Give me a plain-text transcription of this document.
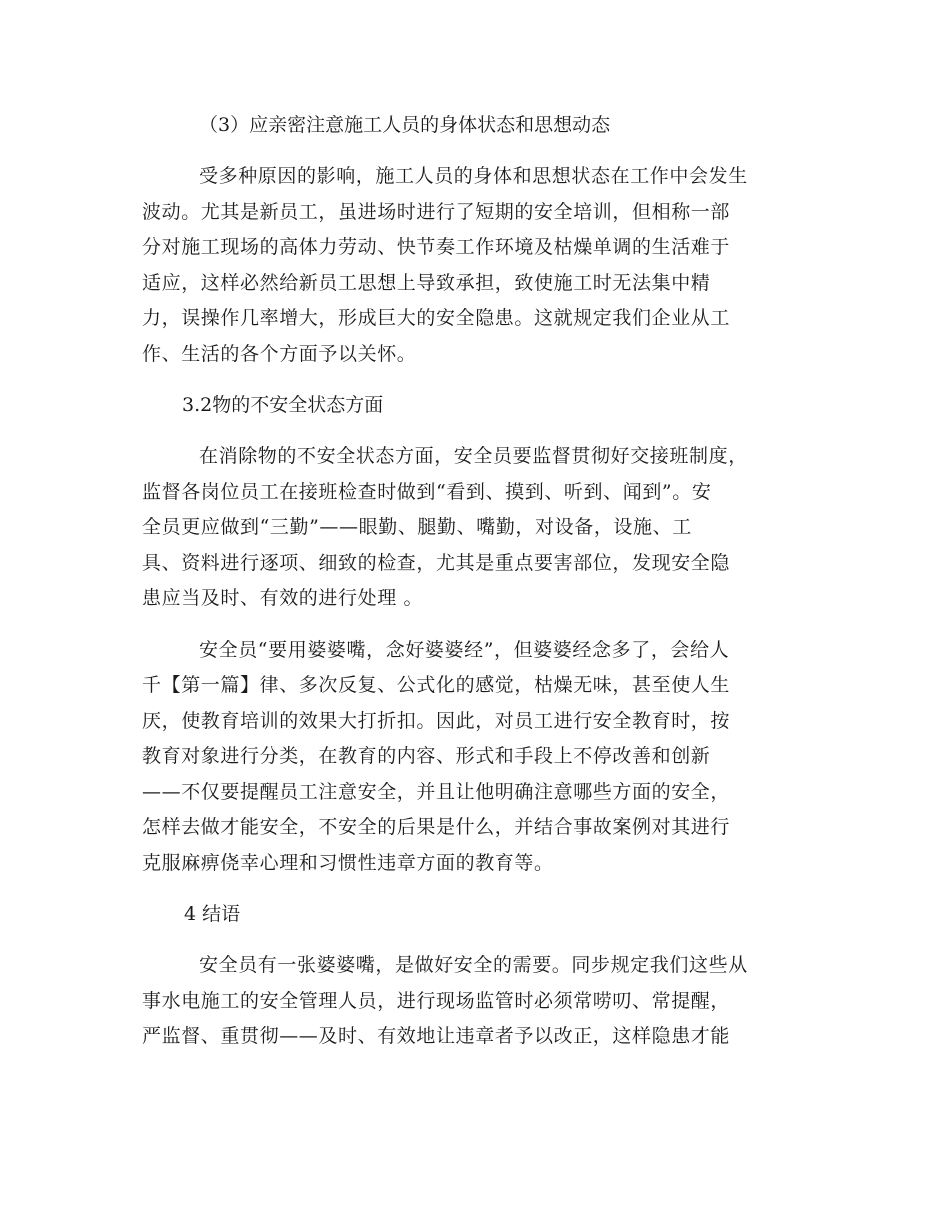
（3）应亲密注意施工人员的身体状态和思想动态
受多种原因的影响，施工人员的身体和思想状态在工作中会发生
波动。尤其是新员工，虽进场时进行了短期的安全培训，但相称一部
分对施工现场的高体力劳动、快节奏工作环境及枯燥单调的生活难于
适应，这样必然给新员工思想上导致承担，致使施工时无法集中精
力，误操作几率增大，形成巨大的安全隐患。这就规定我们企业从工
作、生活的各个方面予以关怀。
3.2物的不安全状态方面
在消除物的不安全状态方面，安全员要监督贯彻好交接班制度，
监督各岗位员工在接班检查时做到“看到、摸到、听到、闻到”。安
全员更应做到“三勤”——眼勤、腿勤、嘴勤，对设备，设施、工
具、资料进行逐项、细致的检查，尤其是重点要害部位，发现安全隐
患应当及时、有效的进行处理 。
安全员“要用婆婆嘴，念好婆婆经”，但婆婆经念多了，会给人
千【第一篇】律、多次反复、公式化的感觉，枯燥无味，甚至使人生
厌，使教育培训的效果大打折扣。因此，对员工进行安全教育时，按
教育对象进行分类，在教育的内容、形式和手段上不停改善和创新
——不仅要提醒员工注意安全，并且让他明确注意哪些方面的安全，
怎样去做才能安全，不安全的后果是什么，并结合事故案例对其进行
克服麻痹侥幸心理和习惯性违章方面的教育等。
4 结语
安全员有一张婆婆嘴，是做好安全的需要。同步规定我们这些从
事水电施工的安全管理人员，进行现场监管时必须常唠叨、常提醒，
严监督、重贯彻——及时、有效地让违章者予以改正，这样隐患才能
